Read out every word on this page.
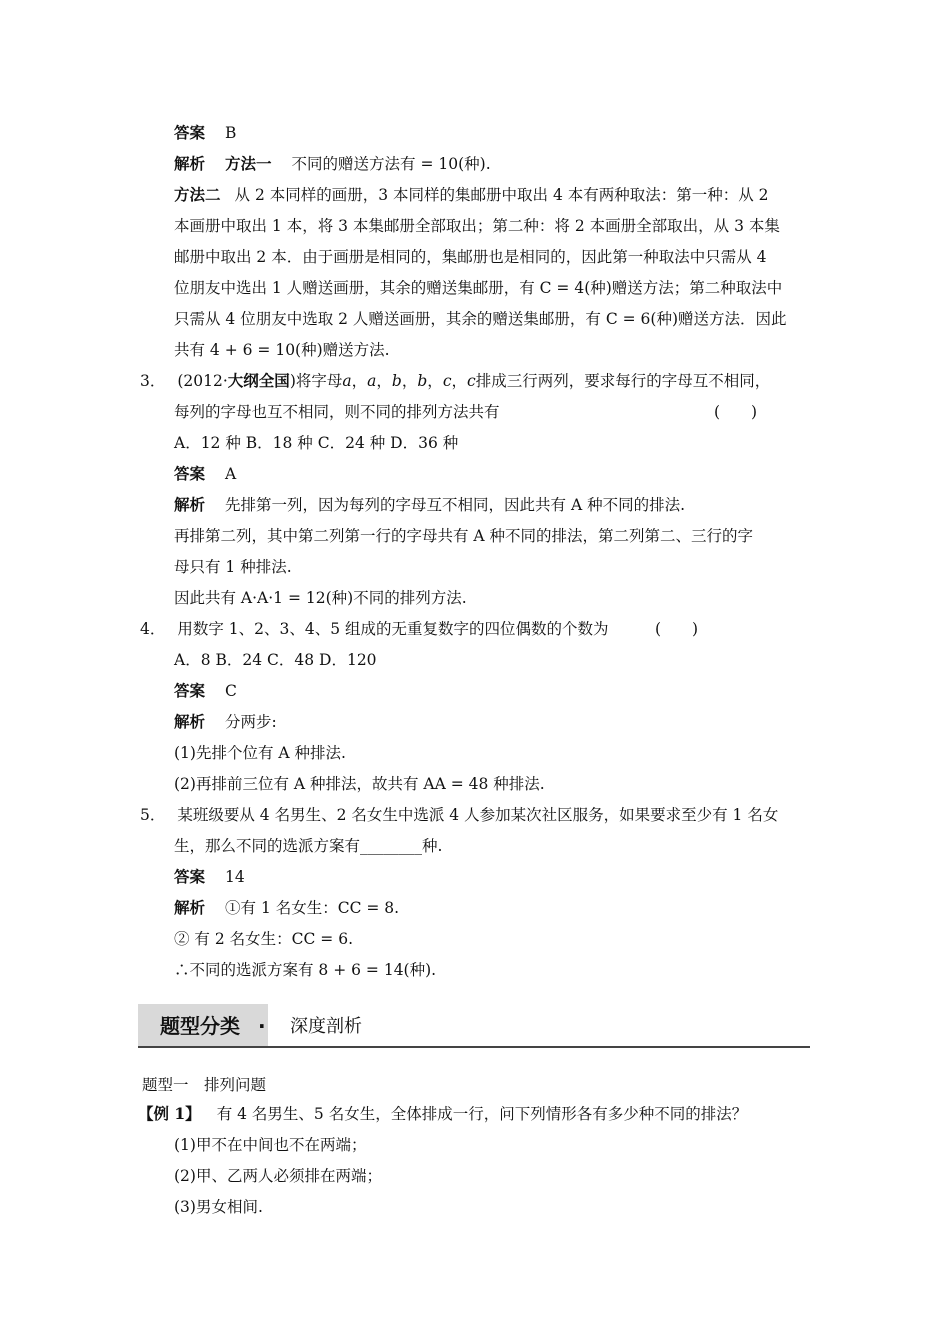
答案 B
解析 方法一 不同的赠送方法有 = 10(种).
方法二 从 2 本同样的画册，3 本同样的集邮册中取出 4 本有两种取法：第一种：从 2
本画册中取出 1 本，将 3 本集邮册全部取出；第二种：将 2 本画册全部取出，从 3 本集
邮册中取出 2 本．由于画册是相同的，集邮册也是相同的，因此第一种取法中只需从 4
位朋友中选出 1 人赠送画册，其余的赠送集邮册，有 C = 4(种)赠送方法；第二种取法中
只需从 4 位朋友中选取 2 人赠送画册，其余的赠送集邮册，有 C = 6(种)赠送方法．因此
共有 4 + 6 = 10(种)赠送方法.
3． (2012·大纲全国)将字母a，a，b，b，c，c排成三行两列，要求每行的字母互不相同，
每列的字母也互不相同，则不同的排列方法共有	(　　)
A．12 种 B．18 种 C．24 种 D．36 种
答案 A
解析 先排第一列，因为每列的字母互不相同，因此共有 A 种不同的排法.
再排第二列，其中第二列第一行的字母共有 A 种不同的排法，第二列第二、三行的字
母只有 1 种排法.
因此共有 A·A·1 = 12(种)不同的排列方法.
4． 用数字 1、2、3、4、5 组成的无重复数字的四位偶数的个数为	(　　)
A．8 B．24 C．48 D．120
答案 C
解析 分两步:
(1)先排个位有 A 种排法.
(2)再排前三位有 A 种排法，故共有 AA = 48 种排法.
5． 某班级要从 4 名男生、2 名女生中选派 4 人参加某次社区服务，如果要求至少有 1 名女
生，那么不同的选派方案有________种.
答案 14
解析 ①有 1 名女生：CC = 8.
② 有 2 名女生：CC = 6.
∴不同的选派方案有 8 + 6 = 14(种).
题型分类 · 深度剖析
题型一　排列问题
【例 1】 有 4 名男生、5 名女生，全体排成一行，问下列情形各有多少种不同的排法？
(1)甲不在中间也不在两端；
(2)甲、乙两人必须排在两端；
(3)男女相间.
